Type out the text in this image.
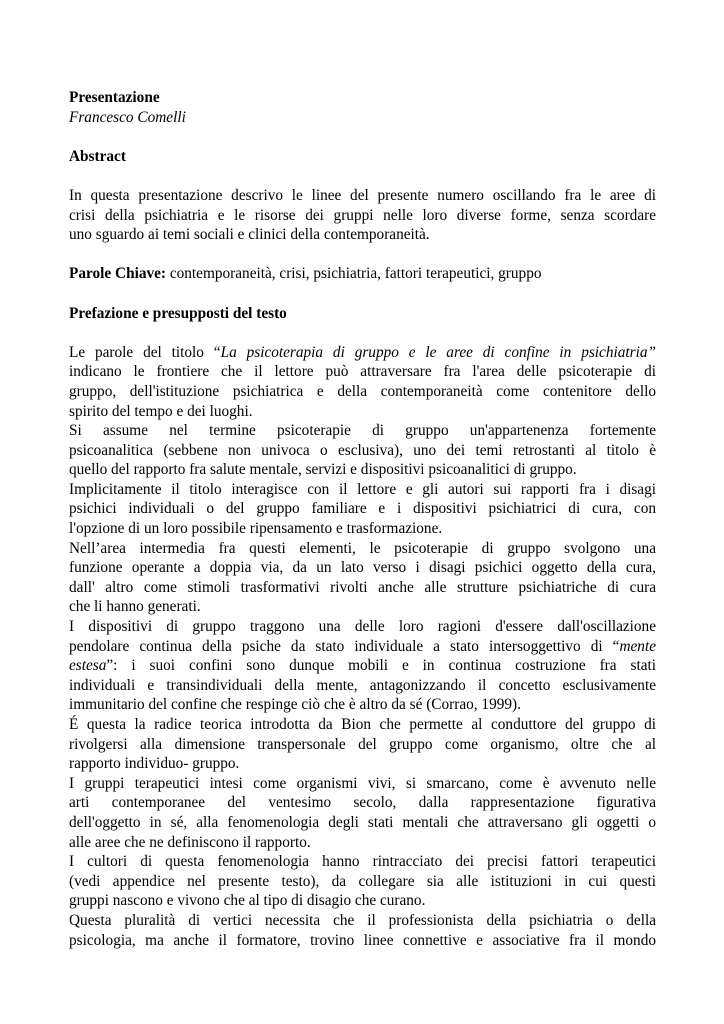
Presentazione
Francesco Comelli
Abstract
In questa presentazione descrivo le linee del presente numero oscillando fra le aree di
crisi della psichiatria e le risorse dei gruppi nelle loro diverse forme, senza scordare
uno sguardo ai temi sociali e clinici della contemporaneità.
Parole Chiave: contemporaneità, crisi, psichiatria, fattori terapeutici, gruppo
Prefazione e presupposti del testo
Le parole del titolo “La psicoterapia di gruppo e le aree di confine in psichiatria”
indicano le frontiere che il lettore può attraversare fra l'area delle psicoterapie di
gruppo, dell'istituzione psichiatrica e della contemporaneità come contenitore dello
spirito del tempo e dei luoghi.
Si assume nel termine psicoterapie di gruppo un'appartenenza fortemente
psicoanalitica (sebbene non univoca o esclusiva), uno dei temi retrostanti al titolo è
quello del rapporto fra salute mentale, servizi e dispositivi psicoanalitici di gruppo.
Implicitamente il titolo interagisce con il lettore e gli autori sui rapporti fra i disagi
psichici individuali o del gruppo familiare e i dispositivi psichiatrici di cura, con
l'opzione di un loro possibile ripensamento e trasformazione.
Nell’area intermedia fra questi elementi, le psicoterapie di gruppo svolgono una
funzione operante a doppia via, da un lato verso i disagi psichici oggetto della cura,
dall' altro come stimoli trasformativi rivolti anche alle strutture psichiatriche di cura
che li hanno generati.
I dispositivi di gruppo traggono una delle loro ragioni d'essere dall'oscillazione
pendolare continua della psiche da stato individuale a stato intersoggettivo di “mente
estesa”: i suoi confini sono dunque mobili e in continua costruzione fra stati
individuali e transindividuali della mente, antagonizzando il concetto esclusivamente
immunitario del confine che respinge ciò che è altro da sé (Corrao, 1999).
É questa la radice teorica introdotta da Bion che permette al conduttore del gruppo di
rivolgersi alla dimensione transpersonale del gruppo come organismo, oltre che al
rapporto individuo- gruppo.
I gruppi terapeutici intesi come organismi vivi, si smarcano, come è avvenuto nelle
arti contemporanee del ventesimo secolo, dalla rappresentazione figurativa
dell'oggetto in sé, alla fenomenologia degli stati mentali che attraversano gli oggetti o
alle aree che ne definiscono il rapporto.
I cultori di questa fenomenologia hanno rintracciato dei precisi fattori terapeutici
(vedi appendice nel presente testo), da collegare sia alle istituzioni in cui questi
gruppi nascono e vivono che al tipo di disagio che curano.
Questa pluralità di vertici necessita che il professionista della psichiatria o della
psicologia, ma anche il formatore, trovino linee connettive e associative fra il mondo
